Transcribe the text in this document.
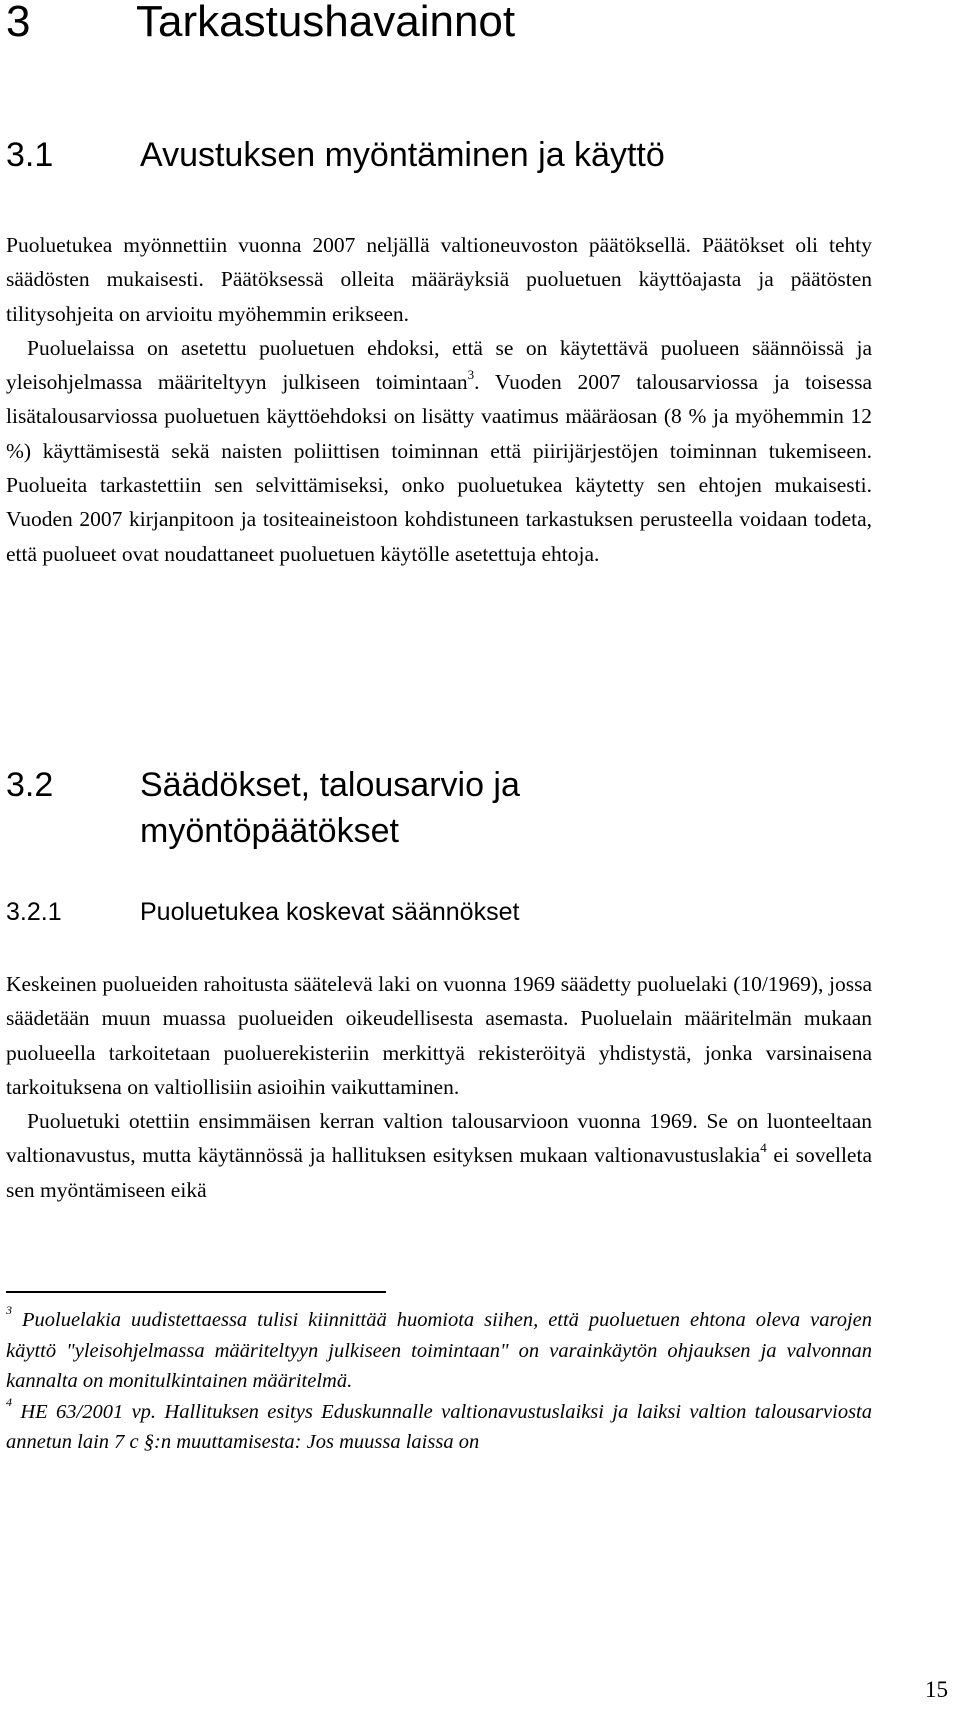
3 Tarkastushavainnot
3.1	Avustuksen myöntäminen ja käyttö

Puoluetukea myönnettiin vuonna 2007 neljällä valtioneuvoston päätöksellä. Päätökset oli tehty säädösten mukaisesti. Päätöksessä olleita määräyksiä puoluetuen käyttöajasta ja päätösten tilitysohjeita on arvioitu myöhemmin erikseen.

Puoluelaissa on asetettu puoluetuen ehdoksi, että se on käytettävä puolueen säännöissä ja yleisohjelmassa määriteltyyn julkiseen toimintaan$^3$. Vuoden 2007 talousarviossa ja toisessa lisätalousarviossa puoluetuen käyttöehdoksi on lisätty vaatimus määräosan (8 % ja myöhemmin 12 %) käyttämisestä sekä naisten poliittisen toiminnan että piirijärjestöjen toiminnan tukemiseen. Puolueita tarkastettiin sen selvittämiseksi, onko puoluetukea käytetty sen ehtojen mukaisesti. Vuoden 2007 kirjanpitoon ja tositeaineistoon kohdistuneen tarkastuksen perusteella voidaan todeta, että puolueet ovat noudattaneet puoluetuen käytölle asetettuja ehtoja.

3.2	Säädökset, talousarvio ja
myöntöpäätökset
3.2.1	Puoluetukea koskevat säännökset

Keskeinen puolueiden rahoitusta säätelevä laki on vuonna 1969 säädetty puoluelaki (10/1969), jossa säädetään muun muassa puolueiden oikeudellisesta asemasta. Puoluelain määritelmän mukaan puolueella tarkoitetaan puoluerekisteriin merkittyä rekisteröityä yhdistystä, jonka varsinaisena tarkoituksena on valtiollisiin asioihin vaikuttaminen.

Puoluetuki otettiin ensimmäisen kerran valtion talousarvioon vuonna 1969. Se on luonteeltaan valtionavustus, mutta käytännössä ja hallituksen esityksen mukaan valtionavustuslakia$^4$ ei sovelleta sen myöntämiseen eikä

$^3$ Puoluelakia uudistettaessa tulisi kiinnittää huomiota siihen, että puoluetuen ehtona oleva varojen käyttö "yleisohjelmassa määriteltyyn julkiseen toimintaan" on varainkäytön ohjauksen ja valvonnan kannalta on monitulkintainen määritelmä.

$^4$ HE 63/2001 vp. Hallituksen esitys Eduskunnalle valtionavustuslaiksi ja laiksi valtion talousarviosta annetun lain 7 c §:n muuttamisesta: Jos muussa laissa on

15
